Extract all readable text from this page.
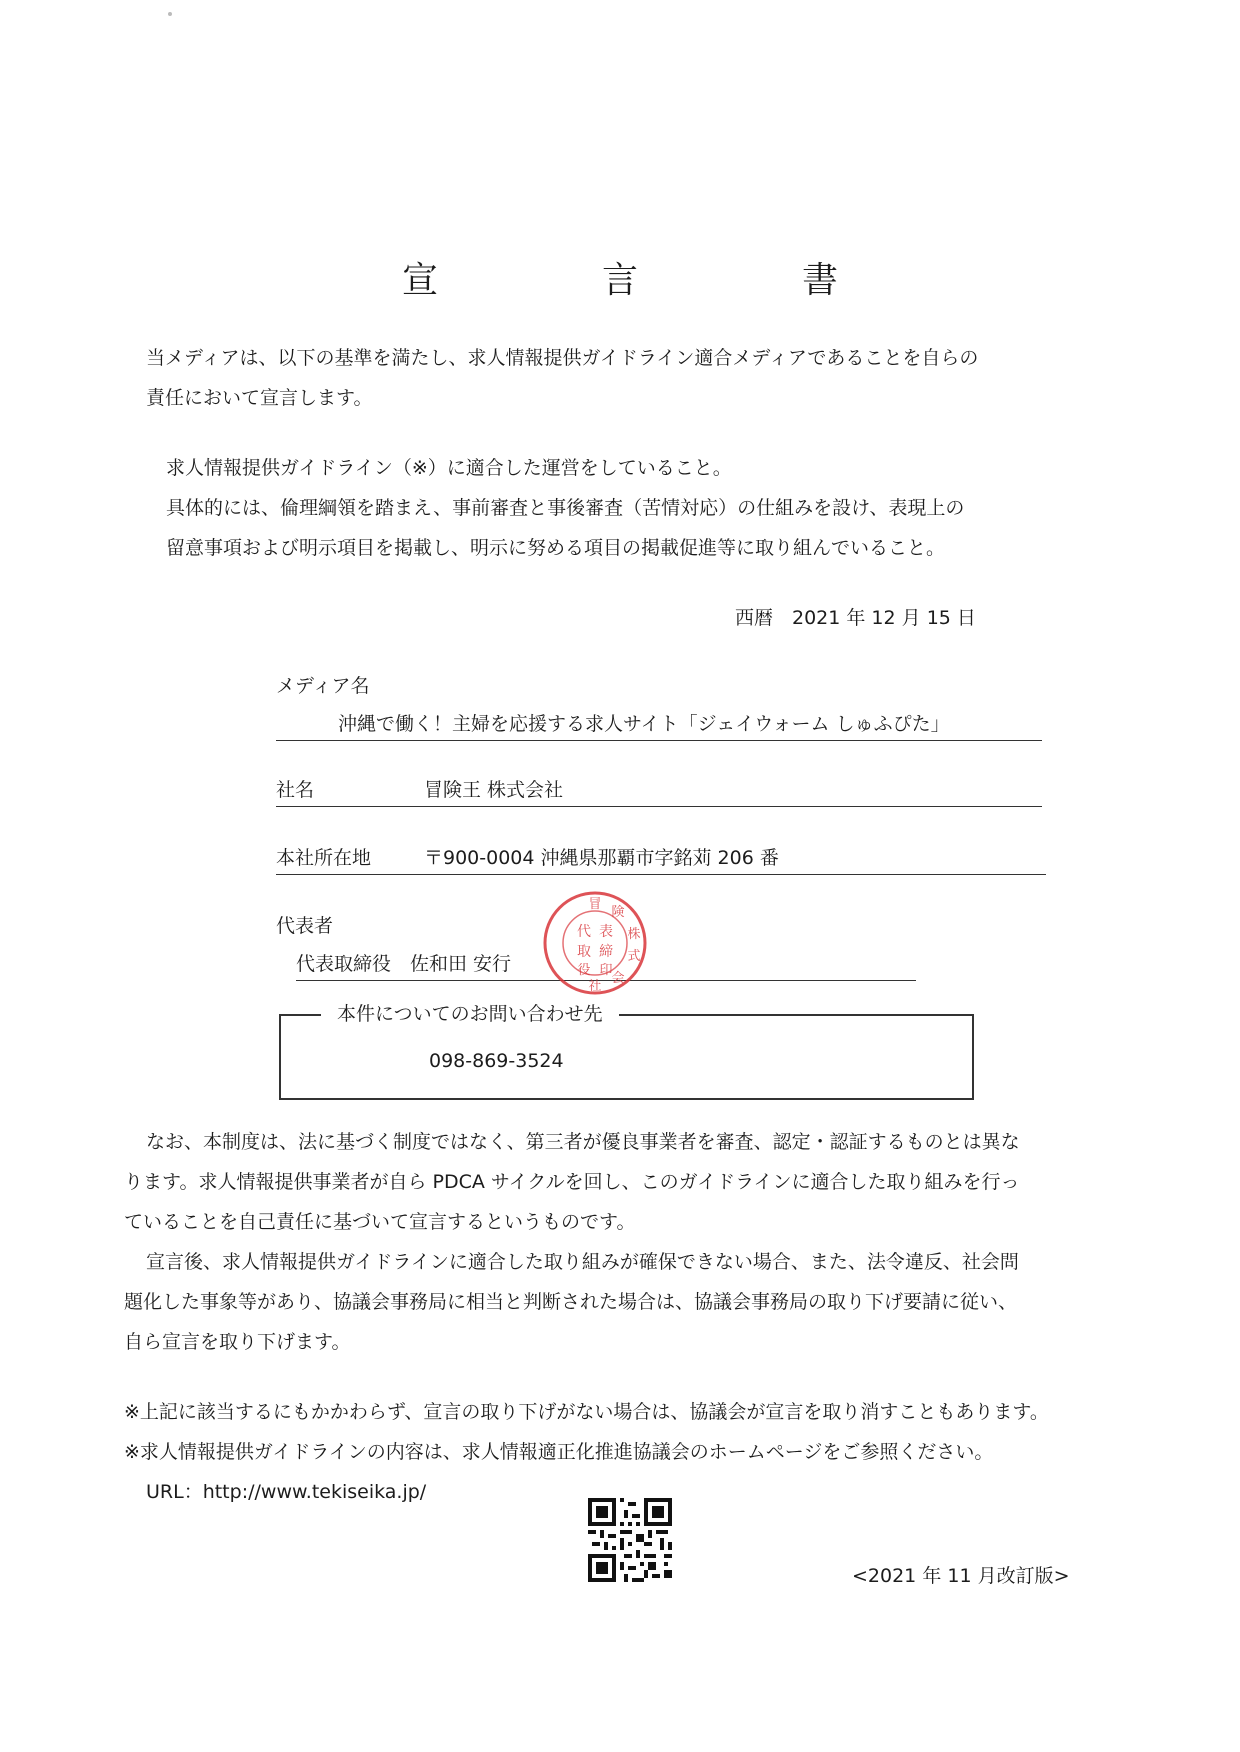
宣　言　書
当メディアは、以下の基準を満たし、求人情報提供ガイドライン適合メディアであることを自らの
責任において宣言します。
求人情報提供ガイドライン（※）に適合した運営をしていること。
具体的には、倫理綱領を踏まえ、事前審査と事後審査（苦情対応）の仕組みを設け、表現上の
留意事項および明示項目を掲載し、明示に努める項目の掲載促進等に取り組んでいること。
西暦　2021 年 12 月 15 日
メディア名
沖縄で働く！主婦を応援する求人サイト「ジェイウォーム しゅふぴた」
社名	冒険王 株式会社
本社所在地	〒900-0004 沖縄県那覇市字銘苅 206 番
代表者
代表取締役　佐和田 安行
冒
険
株
式
会
社
代 表
取 締
役 印
本件についてのお問い合わせ先
098-869-3524
なお、本制度は、法に基づく制度ではなく、第三者が優良事業者を審査、認定・認証するものとは異な
ります。求人情報提供事業者が自ら PDCA サイクルを回し、このガイドラインに適合した取り組みを行っ
ていることを自己責任に基づいて宣言するというものです。
宣言後、求人情報提供ガイドラインに適合した取り組みが確保できない場合、また、法令違反、社会問
題化した事象等があり、協議会事務局に相当と判断された場合は、協議会事務局の取り下げ要請に従い、
自ら宣言を取り下げます。
※上記に該当するにもかかわらず、宣言の取り下げがない場合は、協議会が宣言を取り消すこともあります。
※求人情報提供ガイドラインの内容は、求人情報適正化推進協議会のホームページをご参照ください。
URL：http://www.tekiseika.jp/
<2021 年 11 月改訂版>
